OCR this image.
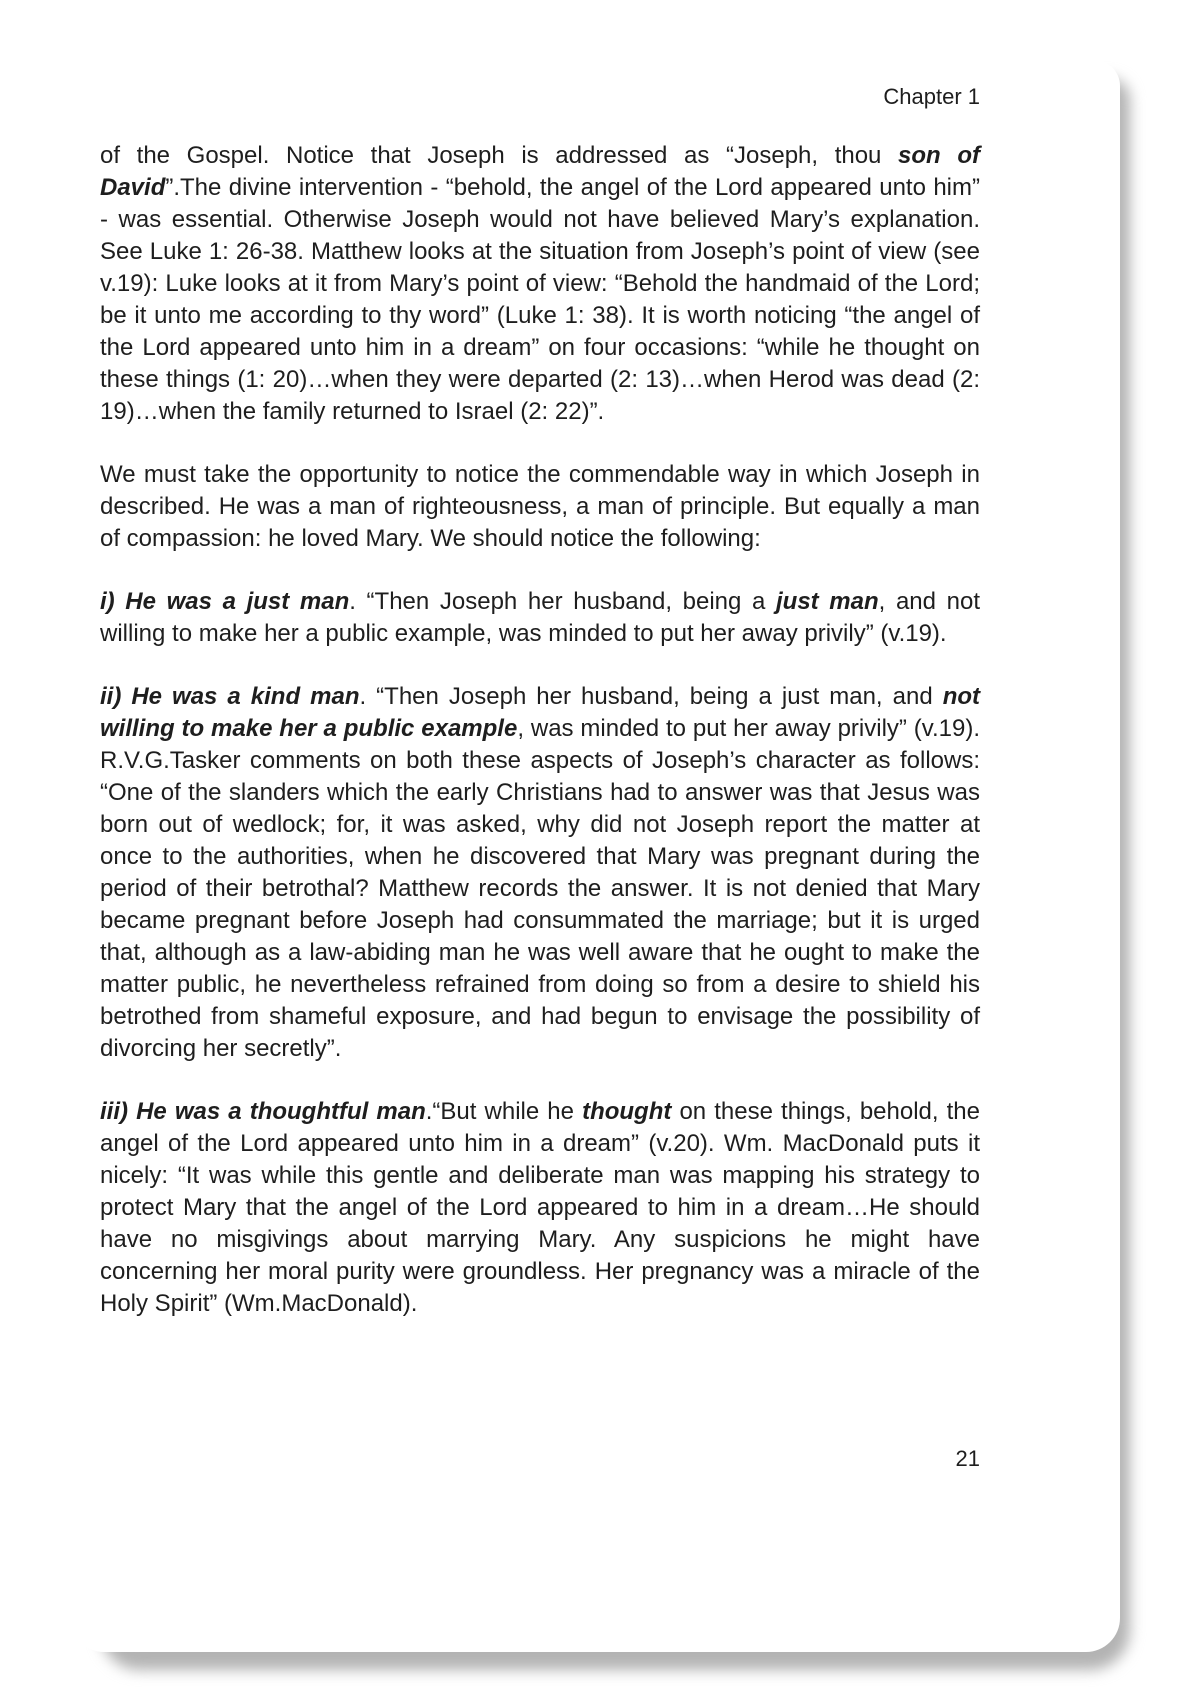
Chapter 1

of the Gospel. Notice that Joseph is addressed as “Joseph, thou son of David”.The divine intervention - “behold, the angel of the Lord appeared unto him” - was essential. Otherwise Joseph would not have believed Mary’s explanation. See Luke 1: 26-38. Matthew looks at the situation from Joseph’s point of view (see v.19): Luke looks at it from Mary’s point of view: “Behold the handmaid of the Lord; be it unto me according to thy word” (Luke 1: 38). It is worth noticing “the angel of the Lord appeared unto him in a dream” on four occasions: “while he thought on these things (1: 20)…when they were departed (2: 13)…when Herod was dead (2: 19)…when the family returned to Israel (2: 22)”.

We must take the opportunity to notice the commendable way in which Joseph in described. He was a man of righteousness, a man of principle. But equally a man of compassion: he loved Mary. We should notice the following:

i) He was a just man. “Then Joseph her husband, being a just man, and not willing to make her a public example, was minded to put her away privily” (v.19).

ii) He was a kind man. “Then Joseph her husband, being a just man, and not willing to make her a public example, was minded to put her away privily” (v.19). R.V.G.Tasker comments on both these aspects of Joseph’s character as follows: “One of the slanders which the early Christians had to answer was that Jesus was born out of wedlock; for, it was asked, why did not Joseph report the matter at once to the authorities, when he discovered that Mary was pregnant during the period of their betrothal? Matthew records the answer. It is not denied that Mary became pregnant before Joseph had consummated the marriage; but it is urged that, although as a law-abiding man he was well aware that he ought to make the matter public, he nevertheless refrained from doing so from a desire to shield his betrothed from shameful exposure, and had begun to envisage the possibility of divorcing her secretly”.

iii) He was a thoughtful man.“But while he thought on these things, behold, the angel of the Lord appeared unto him in a dream” (v.20). Wm. MacDonald puts it nicely: “It was while this gentle and deliberate man was mapping his strategy to protect Mary that the angel of the Lord appeared to him in a dream…He should have no misgivings about marrying Mary. Any suspicions he might have concerning her moral purity were groundless. Her pregnancy was a miracle of the Holy Spirit” (Wm.MacDonald).

21
